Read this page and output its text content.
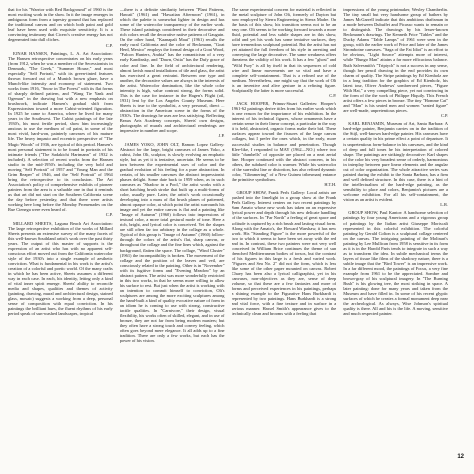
that for his "Warrior with Red Background" of 1960 is the most exciting work in the show. In it the image emerges in ambiguous form from a tapestry ground that has replaced the traditional canvas and on which both paint and gold leaf have been used with exquisite sensitivity. It is a convincing testimony that Cicero's creative energy has not degenerated into dull cliches.

C.P.

EJNAR HANSEN, Paintings, L. A. Art Association: The Hansen retrospective concentrates on his early years (from 1912, when he was a member of the Secessionists in Denmark, "The Creek," "Summer House," and most especially "Self Portrait," with its green-tinted features thrown forward out of a Munich brown glaze, have a Munch-like intensity and economy of statement. Two works from 1916, "Snow in The Forest" with its flat forms of sharply defined pattern, and "Wang Tie Yank and Ogeman" in the drawing but with a new emphasis on brushwork, indicate Hansen's gradual shift from Expressionism toward a more Cubist-oriented figuration. In 1925 he came to America, where he lived for many years in the Southwest. The Cubist paintings of the late 1930's, his most fertile period, show him increasingly anxious to use the medium of oil paint, in some of the most vivid, hard-won, painterly canvases of his mature life. The heavy impasto and eccentric perspective of "The Magic Woods" of 1936, are typical of this period. Hansen's most personal statement is to be found in portraits of his intimate friends ("The Sadakichi Hartmann" of 1932 is included). A selection of recent works from the Hansen studio in the mid-1950's including the very bold and moving "Self Portrait" of 1957 and "Young Man and the Grim Reaper" of 1946, and the "Self Portrait" of 1964 bring the retrospective to its conclusion. The Art Association's policy of comprehensive exhibits of pioneer painters from the area is a valuable one in that it reminds us that art did not start on the Southern California scene the day before yesterday, and that there were artists working here long before the Monday Promenades on the Rue Cienega were even heard of.

C.P.

MILLARD SHEETS, Laguna Beach Art Association: The large retrospective exhibition of the works of Millard Sheets presents an extensive survey of the many facets of this well-known Southland artist's work over the past thirty years. The output of this master of supports is the expression of an artist who has with no apparent self-conscious effort moved out from the California watercolor style of the 1930's into a single example of aesthetic conviction. What is fundamental in his work is the artist's creation of a colorful and poetic world. Of the many crafts in which he has been active, Sheets assumes a different way in each case. In each, his identity, letting only a kind of vital inner spirit emerge. Sheets' ability to reconcile media and shapes, qualities and themes of activity (painting, drawing, mural and architectural design, stained glass, mosaic) suggests a working from a deep, personal sense of composition with equal conviction. In his paintings the brilliant hues, the fluent rhythms of his early period speak of sun-washed landscapes, tropical

—there is a definite similarity between "Plant Patterns, Hawaii" (1961) and "Hawaiian Afternoon" (1961), in which the palette is somewhat lighter in design and has some of the watercolor transparency of the earlier work. These island paintings considered in their decorative and rich colors recall the decorative native patterns of Gauguin. On the other hand, "Kaanapali Maui" (1961) recalls the early rural California and the color of Beckmann, "Goat Herd, Mexico" employs the formal design of a Goat Wood, "Falcon Hunters, Arabia" has the romanticism of a very early Kandinsky, and "Dawn, Ostia" has the Dufy grace of color and line. In the field of architectural rendering, almost lavish mural installations of tile and glass, the artist has exercised a great restraint. Between one type and another, the decorative values are always in the interests of the artist. Watercolor domination, like the whole color intensity is high, value contrast strong, the forms solid. This is the case for instance in the Hagen's Flight (oil, 1931) lent by the Los Angeles County Museum. Here Sheets is true to the symbolist, a very personal, direct ... abstraction in the American scene in the forms of the 1930's. The drawings he uses are less satisfying. Reflecting Beaux Arts Academy concepts, Sheets' own designs, photographs of murals and architectural renderings are impressive in number and scope.

J.P.

JAMES YOKO, JOHN OLT, Ramon Lopez Gallery: Abstract for the large, bright canvases of James Yoko, a cubist, John Olt, sculptor, is slowly evolving an emphatic style, but as yet it is tentative, uncertain. He seems to be torn between the experimental uses of color and the gradual evolution of his feeling for a pure abstraction. In certain, of his smaller canvases the abstract impressionist phases delight. Some date back to 1959 when, as in such canvases as "Shadow in a Pool," the artist works with a short hatching brush stroke that built up a multi-forms of color, usually pure. Later, the artist's work occasionally developing into a mass of flat brush planes of patterned, almost opaque color, at which point the artist surrounds his image and yet the entire canvas is flat and a painting like "Image of Autumn" (1960) follows into impressions of textural color, a more total gestural mode of tone. Here a rich, bright, and lyrical color is conceived. Yet the shapes are still often far too arbitrary in the collage as a whole. Typical of this group is "Image of Autumn" (1960) follow-through the colors of the artist's flat, sharp canvas, or throughout the collage and the fine lines which, against the background, flatten the space. The collage, "Wind Cluster" (1961) the incompatibility is broken. The movement of the collage and the position of the leaves and veil, are consciously related to the painting. Other is in "November" with its fugitive forms and "Evening Meadow" by an abstract pattern. The artist was more wonderfully restricted in this two works, in that he seems more willing to allow his surface to rest. But just when the artist is working with an intention to commit himself to conviction, Olt's sculptures are among the more exciting sculptures among the hand-built a kind of quality evocative nature of form in an idiom he is coming to use with strong, constructive tactile qualities. In "Carnivore," their design, visual flexibility, his works often of skilled, elegant, and in use of bronze, they are not far from being modern masters; but they often have a strong touch and convey feeling, which often goes beyond mere elegance. It all adds up to a fine tradition. There are only a few works, but each has the power of his vision.

The same experimental concern for material is reflected in the metal sculpture of John Olt, formerly of Dayton but now employed by Sierra Engineering in Sierra Madre. On the basis of this show, his transition seems not to be an easy one. Olt seems to be working forward towards a more fluid, potential and less subtle shapes are in this show, solid and yet his work has some tentative surfaces, they have tremendous sculptural potential. But the artist has not yet attained the full freedom of his style in arresting and conveying the large decorative. The same weakness offers threatens the validity of his work. It has a few "ghost" and "Wild Fury" is all by itself in that its sequences of cold wire and linear movements are so vital and have a complete self-containment. That is a refined use of the medium. Nevertheless, one might say that the work of Olt is an inventive and alive gesture in a refining figure. Sculpturally the latter is more successful.

C.P.

JACK HOOPER, Primus-Stuart Galleries: Hooper's 1961-62 paintings derive titles from his earlier work which is one reason for the importance of his exhibition. In the interest of his technical figures, whose ornaments have a certain sense in their linear concept, a particular in the way it is held, abstracted, organic forms make their bid. These surfaces appear toward the fissures of the large canvas collages, but I prefer the ones which, in the early, more successful studies in balance and penetration. Though Klee-like, I responded to MAY (1962—NO.) where two little "dumbells" of opposite are placed on a neat aerial line. Hooper continued with the abstract concern, in his others, the subdued color is warmer. While his watercolor of the surrealist line or distortion, has also refined dynamic color, "Glimmering" of a New Guinea tribesman) entance the primitive symbolism.

H.T.H.

GROUP SHOW, Frank Perls Gallery: Local artists are pushed into the limelight in a group show at the Frank Perls Gallery. Interest centers on two recent paintings by Sam Amato whose new work has taken on an expressive lyrical power and depth through his new delicate handling of the surfaces. In "Far North" a feeling of great space and solitude is captured by a rich brush and lasting visual form. Along with the Amato's, the Howard Warshaw, it has new work. His "Standing Figure" is the more powerful of the two to which it seems to have been set away with the red and in. In contrast, these two painters were not very well conceived in William Brice continues the theme of sun drenched Mediterranean bodies of torsos, but the contrast of his figures in this large is a fresh and varied work. "Figures and Sea No. 2" did not the form, which is less like some of the other paper mounted on canvas. Robert Chuey has been also a lyrical calligraphist, yet in his canvases, non-objectives as they are, sense of deep volume, so that these are a few fantasies and more of forms and perceived experiences in his paintings, perhaps a shining example to the Figurative Hans Burkhardt is represented by two paintings. Hans Burkhardt is a strong and vital force, with a fine texture and in surface in a serious manner. Hassel Smith's appearance gives to the technically clean and brooms with a feeling that

impressions of the young printmaker, Wesley Chamberlin. The tiny small but very handsome group of bathers by James McGarrell indicate that this ambitious draftsman in a mode between Dubuffet and Picasso wants to remain or to distinguish. The drawings by his lesser-known Beckmann's drawings. The Kenneth Price "Tables" and the Ducky Adams "Table Lamps" of 1961 were seen in the group, with the earlier work of Price and later of the James Strombotne canvases. "Saga of the Fat Idiot" is an effort to be obvious, "Light Source" attempts more of interest, while "Bungo Man" attains a far more efficacious balance. Ruth Salvesmith's "Triptych" is not a success in any sense, though her pencil drawing in the end provides its own charm of quality. The Stripe paintings by Ed Kienholz are in a long tradition for the graphics of Ed Kienholz, his latest tour, Oliver Andrews' sombreroed pieces, "Figure With Hat," a very compelling piece, yet not convincing in the form of the the work of Philippe Hiquily. This French artist offers a few pieces in bronze. The tiny "Homme Cat" and "Man" is his seated men and women "seated figure" are well-made, unpretentious pieces.

C.P.

KARL BENJAMIN, Museum of Art, Santa Barbara: A hard-edge painter, Benjamin carries on in the tradition of the Stijl, well-known hard-edge painter. His canvases have a certain quality in his prime effect a point of departure. It is unpretentious form-balance in his canvases, and the kind of deep and full tones he his interpretation of colored shape. The paintings are strikingly decorative: Karl shapes of the color his very broadest sense of orderly, harmonious in interplay between pure linear elements and the angular cut of color organization. The whole attractive series was painted during the exhibit to the Santa Barbara, has a firm and well defined structure. In this case, there is a hint of the intellectualism of the hard-edge painting, as the sensibility to place and colors, Benjamin's pictures are a welcome exhibition. For all his self-containment, the vision as an artist is evident.

L.R.

GROUP SHOW, Paul Kantor: A handsome selection of paintings by four young Americans and a vigorous group of paintings by the Italian artist Giuseppe Moriscali represented in this colorful exhibition. The colorful painting by Gerald Colton is a sculptural collage centered on the canvas. The intriguing painting of the Molinari's painting by Lee Mullican from 1958 is sensitive in its form as it is in the Harold Paris tends to integrate in such a way as to transform the idea. In subtle mechanical terms the layers of tissue like films of the shadowy nature, there is a subtle image that the "Bird Tower" is an impressive work. In a far different mood, the paintings of Focus, a very fine example from 1961 to be the appreciated. Sombre and brown-gray of his sculptural imagery. In "The Burning Bush" is his glowing tree, the most striking in space. A later painting: done for many years and taken from the Museum and have filled in. In some of his recent glyptic surfaces of which he creates a formal monument deep near the archeological. As always, Wise Johnson's spiritual quality is there. All and his is the life. A moving, sensitive and much respected painter.

12
